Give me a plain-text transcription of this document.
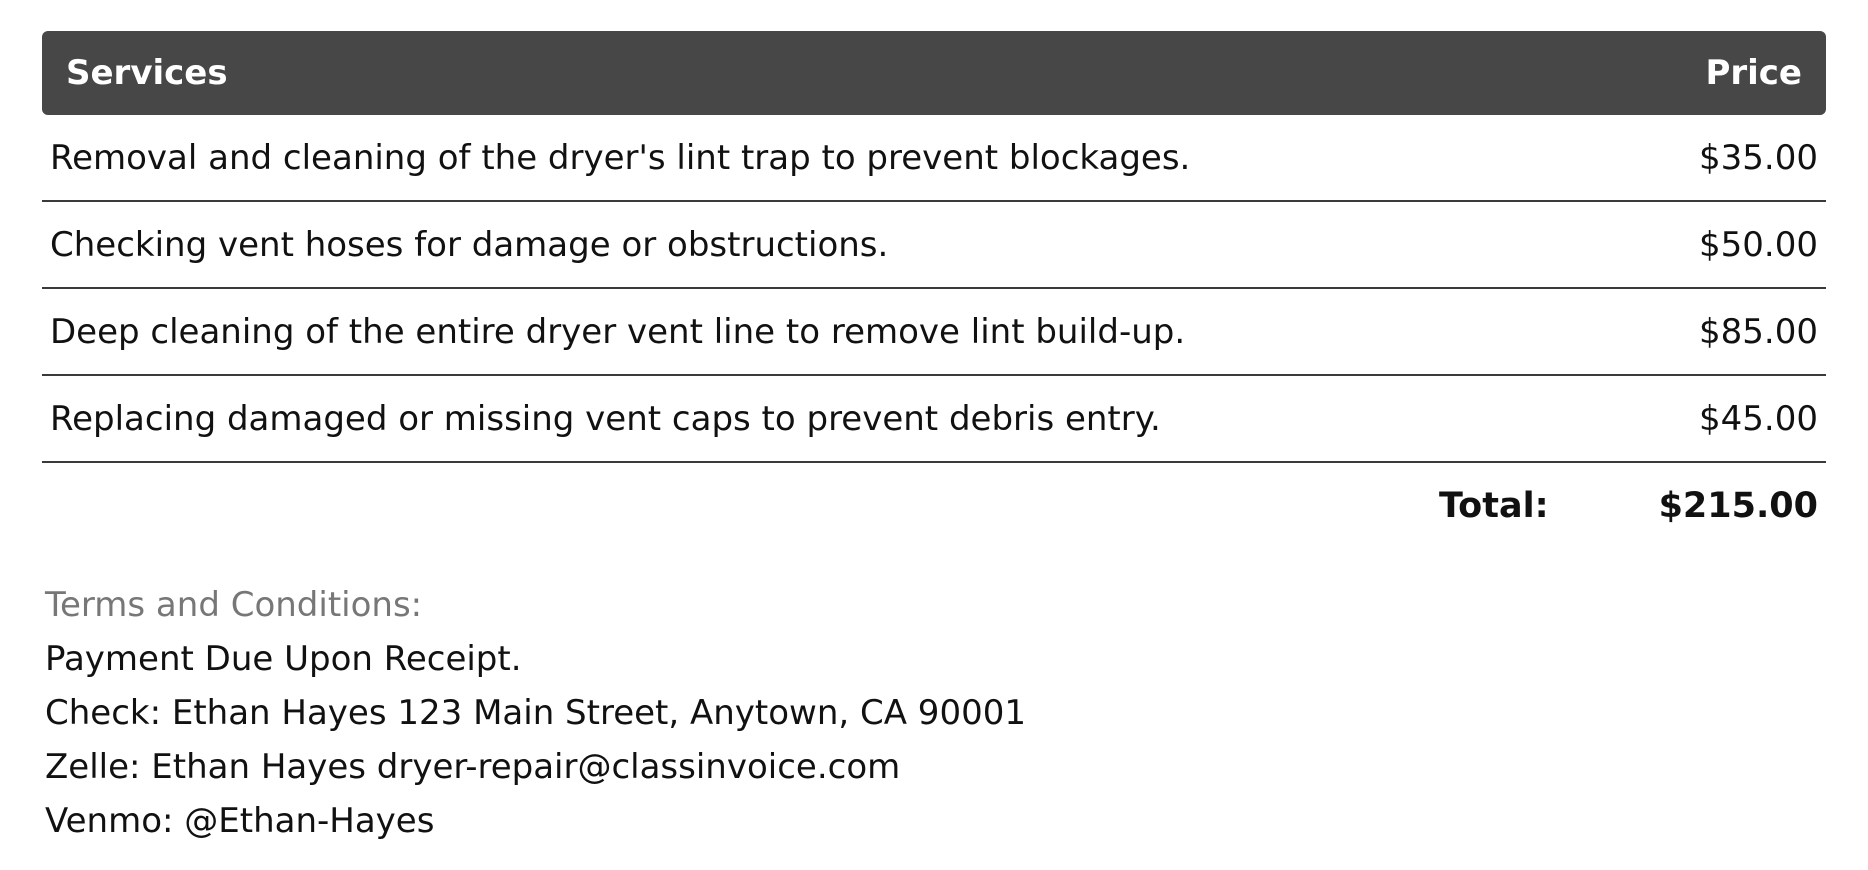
Services	Price
Removal and cleaning of the dryer's lint trap to prevent blockages.	$35.00
Checking vent hoses for damage or obstructions.	$50.00
Deep cleaning of the entire dryer vent line to remove lint build-up.	$85.00
Replacing damaged or missing vent caps to prevent debris entry.	$45.00
Total:	$215.00
Terms and Conditions:
Payment Due Upon Receipt.
Check: Ethan Hayes 123 Main Street, Anytown, CA 90001
Zelle: Ethan Hayes dryer-repair@classinvoice.com
Venmo: @Ethan-Hayes
